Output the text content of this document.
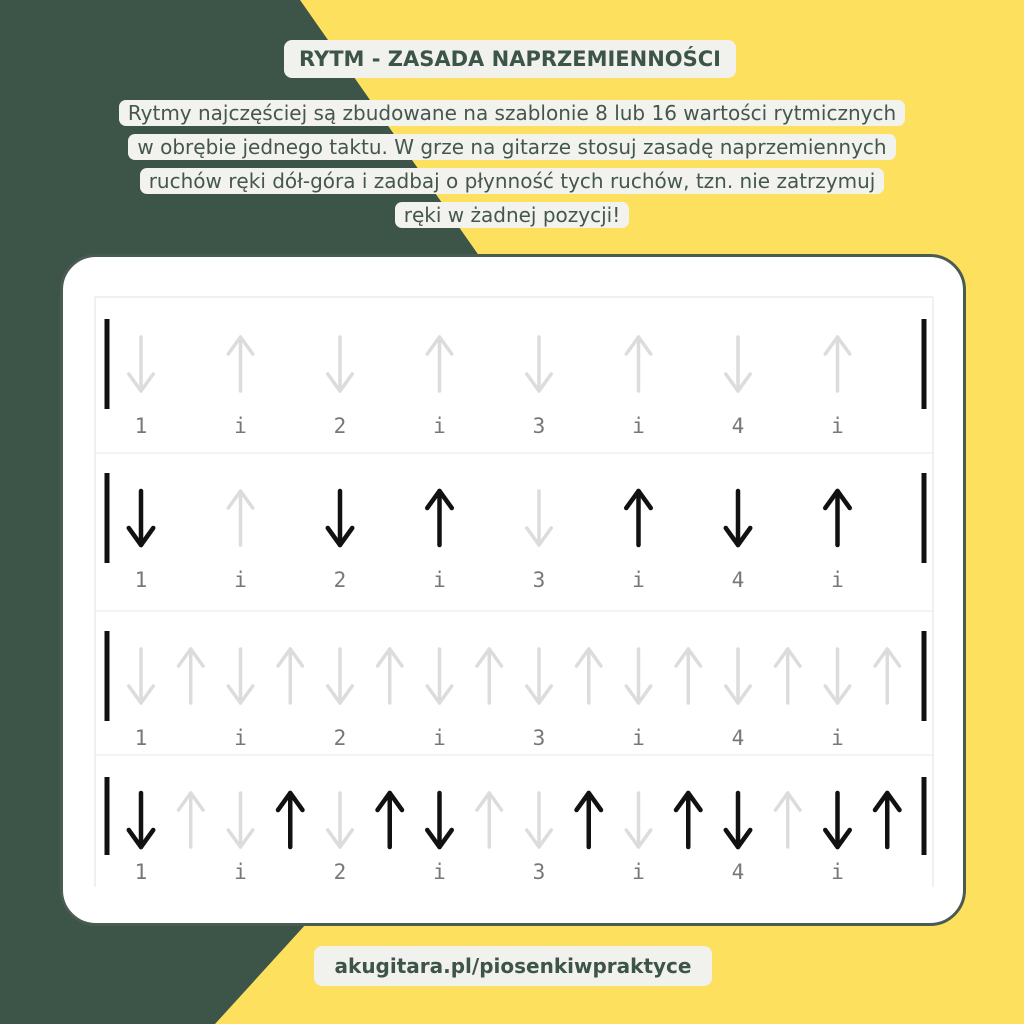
RYTM - ZASADA NAPRZEMIENNOŚCI
Rytmy najczęściej są zbudowane na szablonie 8 lub 16 wartości rytmicznych
w obrębie jednego taktu. W grze na gitarze stosuj zasadę naprzemiennych
ruchów ręki dół-góra i zadbaj o płynność tych ruchów, tzn. nie zatrzymuj
ręki w żadnej pozycji!
1	i	2	i	3	i	4	i
1	i	2	i	3	i	4	i
1	i	2	i	3	i	4	i
1	i	2	i	3	i	4	i
akugitara.pl/piosenkiwpraktyce
